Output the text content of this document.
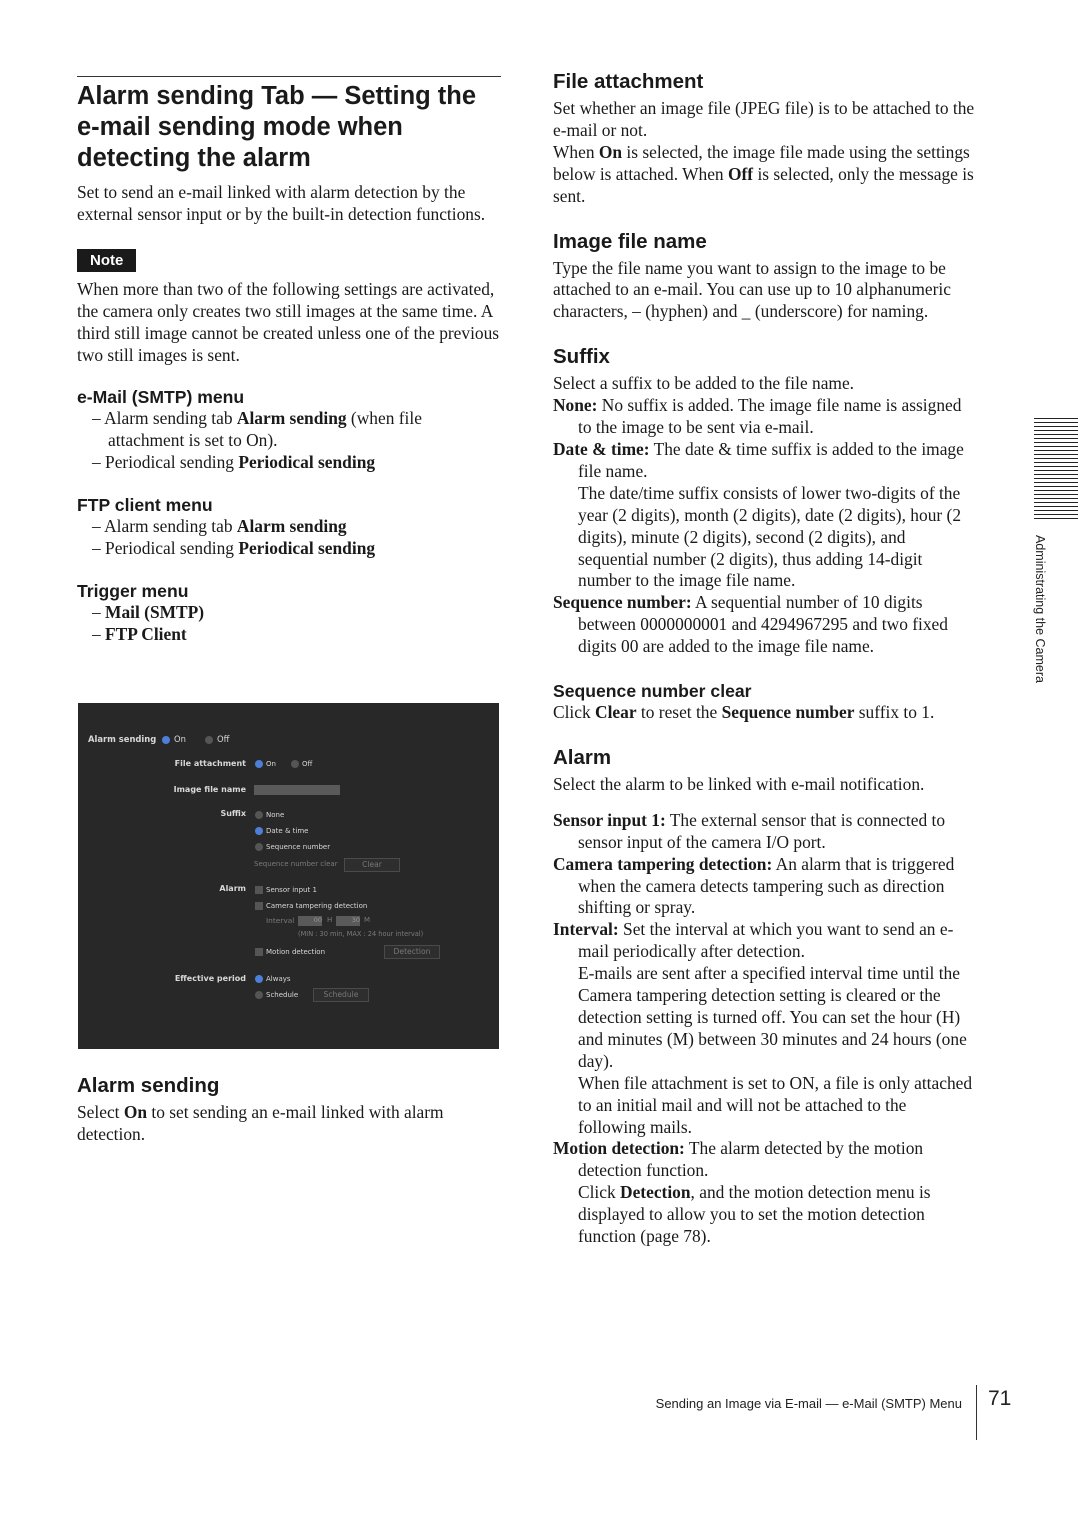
Alarm sending Tab — Setting the e-mail sending mode when detecting the alarm

Set to send an e-mail linked with alarm detection by the external sensor input or by the built-in detection functions.

Note

When more than two of the following settings are activated, the camera only creates two still images at the same time. A third still image cannot be created unless one of the previous two still images is sent.

e-Mail (SMTP) menu
– Alarm sending tab Alarm sending (when file attachment is set to On).
– Periodical sending Periodical sending
FTP client menu
– Alarm sending tab Alarm sending
– Periodical sending Periodical sending
Trigger menu
– Mail (SMTP)
– FTP Client
Alarm sending On	Off
File attachment	On	Off
Image file name
Suffix	None
Date & time
Sequence number
Sequence number clear	Clear
Alarm	Sensor input 1
Camera tampering detection
Interval	00 H	30 M
(MIN : 30 min, MAX : 24 hour interval)
Motion detection	Detection
Effective period	Always
Schedule	Schedule
Alarm sending

Select On to set sending an e-mail linked with alarm detection.

File attachment

Set whether an image file (JPEG file) is to be attached to the e-mail or not.

When On is selected, the image file made using the settings below is attached. When Off is selected, only the message is sent.

Image file name

Type the file name you want to assign to the image to be attached to an e-mail. You can use up to 10 alphanumeric characters, – (hyphen) and _ (underscore) for naming.

Suffix

Select a suffix to be added to the file name.

None: No suffix is added. The image file name is assigned to the image to be sent via e-mail.
Date & time: The date & time suffix is added to the image file name.
The date/time suffix consists of lower two-digits of the year (2 digits), month (2 digits), date (2 digits), hour (2 digits), minute (2 digits), second (2 digits), and sequential number (2 digits), thus adding 14-digit number to the image file name.
Sequence number: A sequential number of 10 digits between 0000000001 and 4294967295 and two fixed digits 00 are added to the image file name.
Sequence number clear

Click Clear to reset the Sequence number suffix to 1.

Alarm

Select the alarm to be linked with e-mail notification.

Sensor input 1: The external sensor that is connected to sensor input of the camera I/O port.
Camera tampering detection: An alarm that is triggered when the camera detects tampering such as direction shifting or spray.
Interval: Set the interval at which you want to send an e-mail periodically after detection.
E-mails are sent after a specified interval time until the Camera tampering detection setting is cleared or the detection setting is turned off. You can set the hour (H) and minutes (M) between 30 minutes and 24 hours (one day).
When file attachment is set to ON, a file is only attached to an initial mail and will not be attached to the following mails.
Motion detection: The alarm detected by the motion detection function.
Click Detection, and the motion detection menu is displayed to allow you to set the motion detection function (page 78).
Administrating the Camera
Sending an Image via E-mail — e-Mail (SMTP) Menu 71
